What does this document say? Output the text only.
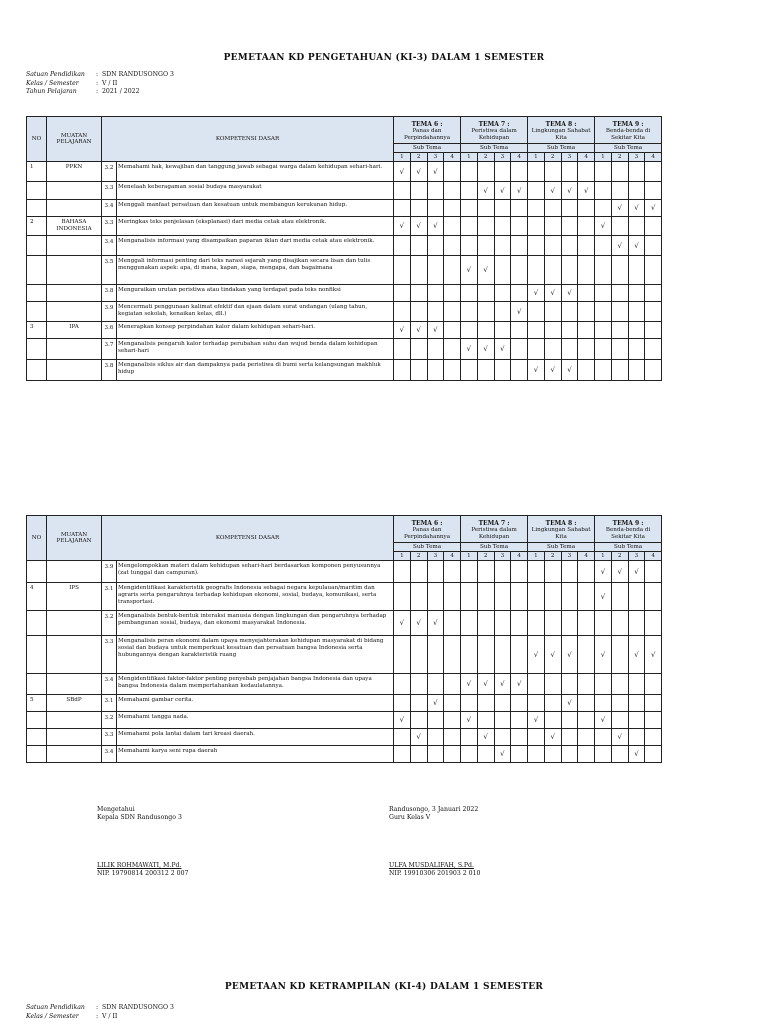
PEMETAAN KD PENGETAHUAN (KI-3) DALAM 1 SEMESTER
Satuan Pendidikan	: SDN RANDUSONGO 3
Kelas / Semester	: V / II
Tahun Pelajaran	: 2021 / 2022
NO	MUATAN PELAJARAN	KOMPETENSI DASAR		TEMA 6 :
Panas dan Perpindahannya				TEMA 7 :
Peristiwa dalam Kehidupan				TEMA 8 :
Lingkungan Sahabat Kita				TEMA 9 :
Benda-benda di Sekitar Kita			
				Sub Tema				Sub Tema				Sub Tema				Sub Tema			
				1	2	3	4	1	2	3	4	1	2	3	4	1	2	3	4
1	PPKN	3.2	Memahami hak, kewajiban dan tanggung jawab sebagai warga dalam kehidupan sehari-hari.	√	√	√													
		3.3	Menelaah keberagaman sosial budaya masyarakat						√	√	√		√	√	√				
		3.4	Menggali manfaat persatuan dan kesatuan untuk membangun kerukunan hidup.														√	√	√
2	BAHASA INDONESIA	3.3	Meringkas teks penjelasan (eksplanasi) dari media cetak atau elektronik.	√	√	√										√			
		3.4	Menganalisis informasi yang disampaikan paparan iklan dari media cetak atau elektronik.														√	√	
		3.5	Menggali informasi penting dari teks narasi sejarah yang disajikan secara lisan dan tulis menggunakan aspek: apa, di mana, kapan, siapa, mengapa, dan bagaimana					√	√										
		3.8	Menguraikan urutan peristiwa atau tindakan yang terdapat pada teks nonfiksi									√	√	√					
		3.9	Mencermati penggunaan kalimat efektif dan ejaan dalam surat undangan (ulang tahun, kegiatan sekolah, kenaikan kelas, dll.)								√								
3	IPA	3.6	Menerapkan konsep perpindahan kalor dalam kehidupan sehari-hari.	√	√	√													
		3.7	Menganalisis pengaruh kalor terhadap perubahan suhu dan wujud benda dalam kehidupan sehari-hari					√	√	√									
		3.8	Menganalisis siklus air dan dampaknya pada peristiwa di bumi serta kelangsungan makhluk hidup									√	√	√					
NO	MUATAN PELAJARAN	KOMPETENSI DASAR		TEMA 6 :
Panas dan Perpindahannya				TEMA 7 :
Peristiwa dalam Kehidupan				TEMA 8 :
Lingkungan Sahabat Kita				TEMA 9 :
Benda-benda di Sekitar Kita			
				Sub Tema				Sub Tema				Sub Tema				Sub Tema			
				1	2	3	4	1	2	3	4	1	2	3	4	1	2	3	4
		3.9	Mengelompokkan materi dalam kehidupan sehari-hari berdasarkan komponen penyusunnya (zat tunggal dan campuran).													√	√	√	
4	IPS	3.1	Mengidentifikasi karakteristik geografis Indonesia sebagai negara kepulauan/maritim dan agraris serta pengaruhnya terhadap kehidupan ekonomi, sosial, budaya, komunikasi, serta transportasi.													√			
		3.2	Menganalisis bentuk-bentuk interaksi manusia dengan lingkungan dan pengaruhnya terhadap pembangunan sosial, budaya, dan ekonomi masyarakat Indonesia.	√	√	√													
		3.3	Menganalisis peran ekonomi dalam upaya menyejahterakan kehidupan masyarakat di bidang sosial dan budaya untuk memperkuat kesatuan dan persatuan bangsa Indonesia serta hubungannya dengan karakteristik ruang									√	√	√		√		√	√
		3.4	Mengidentifikasi faktor-faktor penting penyebab penjajahan bangsa Indonesia dan upaya bangsa Indonesia dalam mempertahankan kedaulatannya.					√	√	√	√								
5	SBdP	3.1	Memahami gambar cerita.			√								√					
		3.2	Memahami tangga nada.	√				√				√				√			
		3.3	Memahami pola lantai dalam tari kreasi daerah.		√				√				√				√		
		3.4	Memahami karya seni rupa daerah							√								√	
Mengetahui
Kepala SDN Randusongo 3
LILIK ROHMAWATI, M.Pd.
NIP. 19790814 200312 2 007
Randusongo, 3 Januari 2022
Guru Kelas V
ULFA MUSDALIFAH, S.Pd.
NIP. 19910306 201903 2 010
PEMETAAN KD KETRAMPILAN (KI-4) DALAM 1 SEMESTER
Satuan Pendidikan	: SDN RANDUSONGO 3
Kelas / Semester	: V / II
